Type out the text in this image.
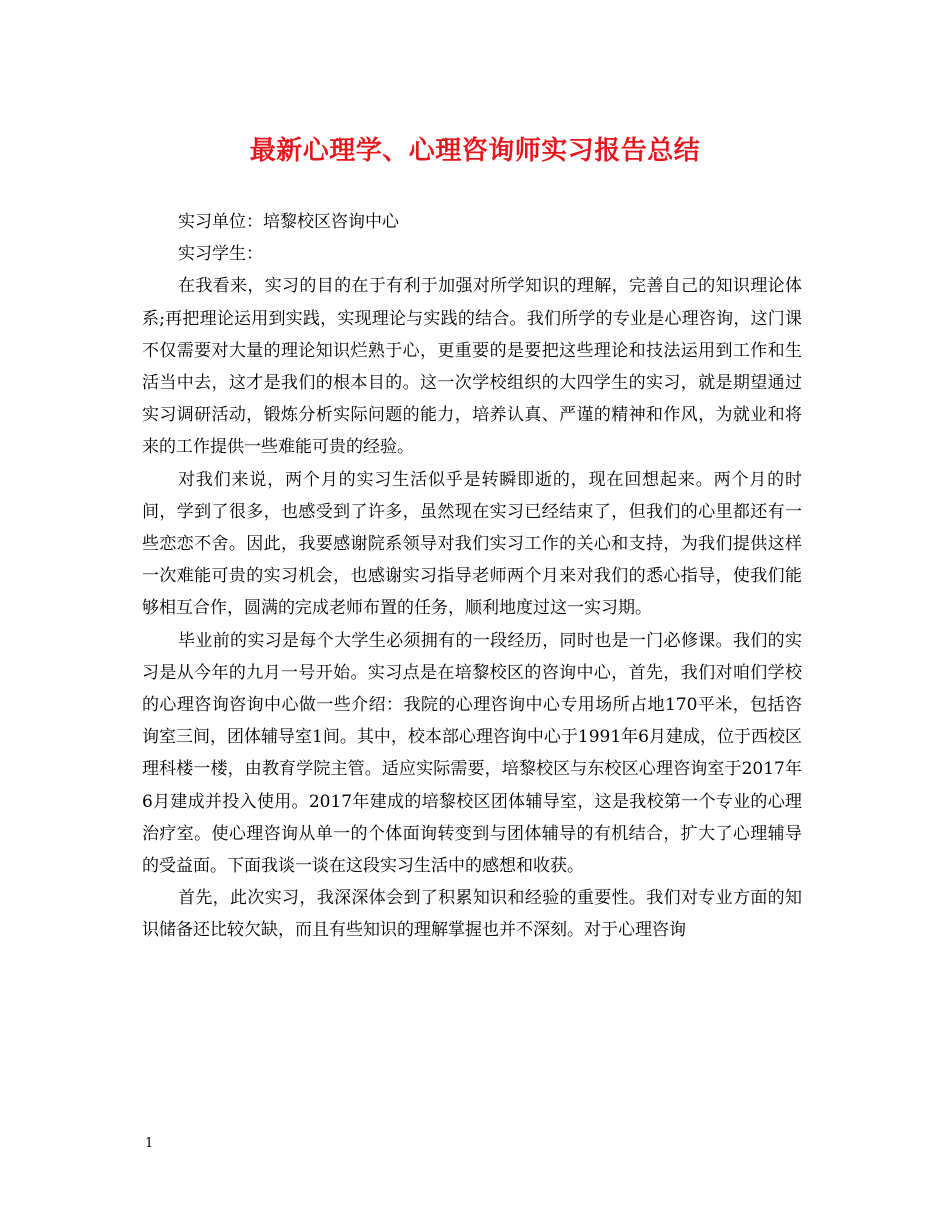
最新心理学、心理咨询师实习报告总结

实习单位：培黎校区咨询中心

实习学生：

在我看来，实习的目的在于有利于加强对所学知识的理解，完善自己的知识理论体系;再把理论运用到实践，实现理论与实践的结合。我们所学的专业是心理咨询，这门课不仅需要对大量的理论知识烂熟于心，更重要的是要把这些理论和技法运用到工作和生活当中去，这才是我们的根本目的。这一次学校组织的大四学生的实习，就是期望通过实习调研活动，锻炼分析实际问题的能力，培养认真、严谨的精神和作风，为就业和将来的工作提供一些难能可贵的经验。

对我们来说，两个月的实习生活似乎是转瞬即逝的，现在回想起来。两个月的时间，学到了很多，也感受到了许多，虽然现在实习已经结束了，但我们的心里都还有一些恋恋不舍。因此，我要感谢院系领导对我们实习工作的关心和支持，为我们提供这样一次难能可贵的实习机会，也感谢实习指导老师两个月来对我们的悉心指导，使我们能够相互合作，圆满的完成老师布置的任务，顺利地度过这一实习期。

毕业前的实习是每个大学生必须拥有的一段经历，同时也是一门必修课。我们的实习是从今年的九月一号开始。实习点是在培黎校区的咨询中心，首先，我们对咱们学校的心理咨询咨询中心做一些介绍：我院的心理咨询中心专用场所占地170平米，包括咨询室三间，团体辅导室1间。其中，校本部心理咨询中心于1991年6月建成，位于西校区理科楼一楼，由教育学院主管。适应实际需要，培黎校区与东校区心理咨询室于2017年6月建成并投入使用。2017年建成的培黎校区团体辅导室，这是我校第一个专业的心理治疗室。使心理咨询从单一的个体面询转变到与团体辅导的有机结合，扩大了心理辅导的受益面。下面我谈一谈在这段实习生活中的感想和收获。

首先，此次实习，我深深体会到了积累知识和经验的重要性。我们对专业方面的知识储备还比较欠缺，而且有些知识的理解掌握也并不深刻。对于心理咨询

1
